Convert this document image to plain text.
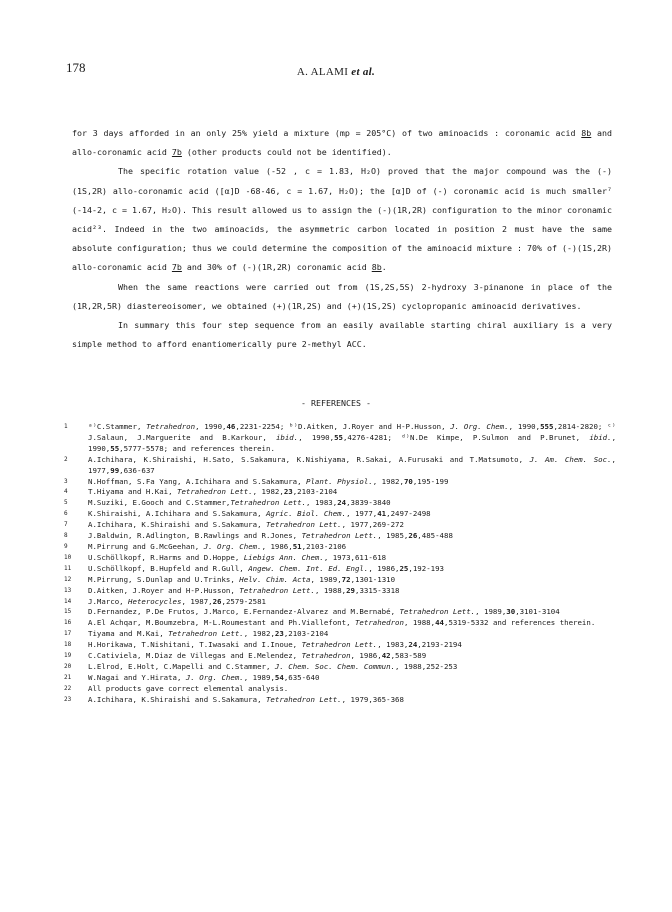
178	A. ALAMI et al.

for 3 days afforded in an only 25% yield a mixture (mp = 205°C) of two aminoacids : coronamic acid 8b and allo-coronamic acid 7b (other products could not be identified).

The specific rotation value (-52 , c = 1.83, H₂O) proved that the major compound was the (-)(1S,2R) allo-coronamic acid ([α]D -68-46, c = 1.67, H₂O); the [α]D of (-) coronamic acid is much smaller⁷ (-14-2, c = 1.67, H₂O). This result allowed us to assign the (-)(1R,2R) configuration to the minor coronamic acid²³. Indeed in the two aminoacids, the asymmetric carbon located in position 2 must have the same absolute configuration; thus we could determine the composition of the aminoacid mixture : 70% of (-)(1S,2R) allo-coronamic acid 7b and 30% of (-)(1R,2R) coronamic acid 8b.

When the same reactions were carried out from (1S,2S,5S) 2-hydroxy 3-pinanone in place of the (1R,2R,5R) diastereoisomer, we obtained (+)(1R,2S) and (+)(1S,2S) cyclopropanic aminoacid derivatives.

In summary this four step sequence from an easily available starting chiral auxiliary is a very simple method to afford enantiomerically pure 2-methyl ACC.

- REFERENCES -
1	ᵃ⁾C.Stammer, Tetrahedron, 1990,46,2231-2254; ᵇ⁾D.Aitken, J.Royer and H-P.Husson, J. Org. Chem., 1990,555,2814-2820; ᶜ⁾J.Salaun, J.Marguerite and B.Karkour, ibid., 1990,55,4276-4281; ᵈ⁾N.De Kimpe, P.Sulmon and P.Brunet, ibid., 1990,55,5777-5578; and references therein.
2	A.Ichihara, K.Shiraishi, H.Sato, S.Sakamura, K.Nishiyama, R.Sakai, A.Furusaki and T.Matsumoto, J. Am. Chem. Soc., 1977,99,636-637
3	N.Hoffman, S.Fa Yang, A.Ichihara and S.Sakamura, Plant. Physiol., 1982,70,195-199
4	T.Hiyama and H.Kai, Tetrahedron Lett., 1982,23,2103-2104
5	M.Suziki, E.Gooch and C.Stammer,Tetrahedron Lett., 1983,24,3839-3840
6	K.Shiraishi, A.Ichihara and S.Sakamura, Agric. Biol. Chem., 1977,41,2497-2498
7	A.Ichihara, K.Shiraishi and S.Sakamura, Tetrahedron Lett., 1977,269-272
8	J.Baldwin, R.Adlington, B.Rawlings and R.Jones, Tetrahedron Lett., 1985,26,485-488
9	M.Pirrung and G.McGeehan, J. Org. Chem., 1986,51,2103-2106
10	U.Schöllkopf, R.Harms and D.Hoppe, Liebigs Ann. Chem., 1973,611-618
11	U.Schöllkopf, B.Hupfeld and R.Gull, Angew. Chem. Int. Ed. Engl., 1986,25,192-193
12	M.Pirrung, S.Dunlap and U.Trinks, Helv. Chim. Acta, 1989,72,1301-1310
13	D.Aitken, J.Royer and H-P.Husson, Tetrahedron Lett., 1988,29,3315-3318
14	J.Marco, Heterocycles, 1987,26,2579-2581
15	D.Fernandez, P.De Frutos, J.Marco, E.Fernandez-Alvarez and M.Bernabé, Tetrahedron Lett., 1989,30,3101-3104
16	A.El Achqar, M.Boumzebra, M-L.Roumestant and Ph.Viallefont, Tetrahedron, 1988,44,5319-5332 and references therein.
17	Tiyama and M.Kai, Tetrahedron Lett., 1982,23,2103-2104
18	H.Horikawa, T.Nishitani, T.Iwasaki and I.Inoue, Tetrahedron Lett., 1983,24,2193-2194
19	C.Cativiela, M.Diaz de Villegas and E.Melendez, Tetrahedron, 1986,42,583-589
20	L.Elrod, E.Holt, C.Mapelli and C.Stammer, J. Chem. Soc. Chem. Commun., 1988,252-253
21	W.Nagai and Y.Hirata, J. Org. Chem., 1989,54,635-640
22	All products gave correct elemental analysis.
23	A.Ichihara, K.Shiraishi and S.Sakamura, Tetrahedron Lett., 1979,365-368
